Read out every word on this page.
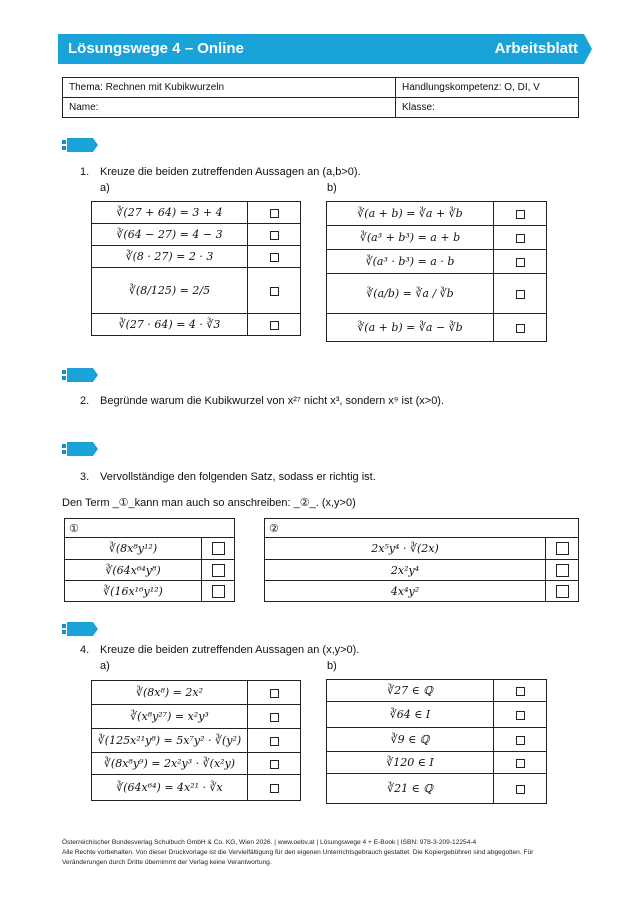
Lösungswege 4 – Online	Arbeitsblatt
Thema: Rechnen mit Kubikwurzeln	Handlungskompetenz: O, DI, V
Name:	Klasse:
1. Kreuze die beiden zutreffenden Aussagen an (a,b>0).
a)	b)
∛(27 + 64) = 3 + 4	
∛(64 − 27) = 4 − 3	
∛(8 · 27) = 2 · 3	
∛(8/125) = 2/5	
∛(27 · 64) = 4 · ∛3	
∛(a + b) = ∛a + ∛b	
∛(a³ + b³) = a + b	
∛(a³ · b³) = a · b	
∛(a/b) = ∛a / ∛b	
∛(a + b) = ∛a − ∛b	
2. Begründe warum die Kubikwurzel von x²⁷ nicht x³, sondern x⁹ ist (x>0).
3. Vervollständige den folgenden Satz, sodass er richtig ist.
Den Term _①_kann man auch so anschreiben: _②_. (x,y>0)
①	
∛(8x⁸y¹²)	
∛(64x⁶⁴y⁸)	
∛(16x¹⁶y¹²)	
②	
2x⁵y⁴ · ∛(2x)	
2x²y⁴	
4x⁴y²	
4. Kreuze die beiden zutreffenden Aussagen an (x,y>0).
a)	b)
∛(8x⁸) = 2x²	
∛(x⁸y²⁷) = x²y³	
∛(125x²¹y⁸) = 5x⁷y² · ∛(y²)	
∛(8x⁸y⁹) = 2x²y³ · ∛(x²y)	
∛(64x⁶⁴) = 4x²¹ · ∛x	
∛27 ∈ ℚ	
∛64 ∈ I	
∛9 ∈ ℚ	
∛120 ∈ I	
∛21 ∈ ℚ	
Österreichischer Bundesverlag Schulbuch GmbH & Co. KG, Wien 2026. | www.oebv.at | Lösungswege 4 + E-Book | ISBN: 978-3-209-12254-4
Alle Rechte vorbehalten. Von dieser Druckvorlage ist die Vervielfältigung für den eigenen Unterrichtsgebrauch gestattet. Die Kopiergebühren sind abgegolten. Für
Veränderungen durch Dritte übernimmt der Verlag keine Verantwortung.
